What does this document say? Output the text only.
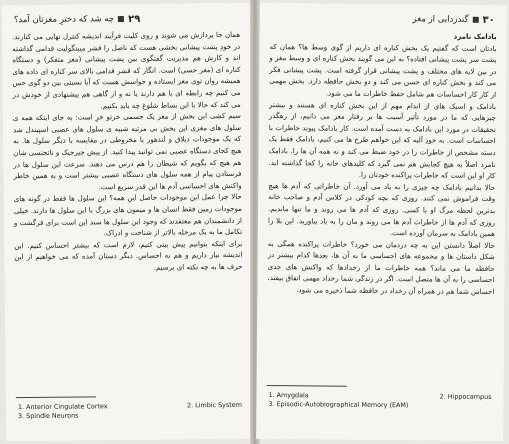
۲۹
چه شد که دخترِ مغزتان آمد؟

همان جا پردازش می شوند و روی کلیت فرآیند اندیشه کنترل نهایی می کنارند. در خودِ پشت پیشانی بخشی هست که ناصل را قشر میینگولیت قدامی گذاشته اند و کارش هم مدیریت گفتگوی بین پشت پیشانی (مغز متفکر) و دستگاه کناره ای (مغز حسی) است. انگار که قشر قدامی بالای سر کناره ای داده های همیشه روان توی مغز ایستاده و حواسش هست که آیا نسبتی بین دو گوی حس می کنیم چه رابطه ای با هم دارند یا نه و از گاهی هم پیشنهادی از خودش در می کند که حالا با این بساط شلوغ چه باید بکنیم.

سیم کشی این بخش از مغز یک جسمی خرتو خرِ است: به جای اینکه همه ی سلول های مغزی این بخش بی مرتیه شبیه ی سلول های عصبی اسپیندل شد که یک موجودات دیلاق و لندهور با مخروطی در مقایسه با دیگر سلول ها. به هیچ کجای دستگاه عصبی نمی توانید پیدا کنید. از پیش جیرجیک و ناتجنسی شان هم هیچ که بگویم که شیطان را هم درس می دهند. سرعت این سلول ها در فرستادن پیام از همه سلول های دستگاه عصبی بیشتر است و به همین خاطر واکنش های احساسی آدم ها این قدر سریع است.

حالا چرا عمل این موجودات حاصل این همه؟ این سلول ها فقط در گونه های موجودات زمین فقط انسان ها و میمون های بزرگ با این سلول ها دارند. خیلی از دانشمندان هم معتقدند که وجود این سلول ها سند این است برای فرگشت و تکامل ما به یک مرحله بالاتر از شناخت و ادراک.

برای اینکه بتوانیم پیش بینی کنیم، لازم است که بیشتر احساس کنیم. این اندیشه نیاز داریم و هم به احساس. دیگر دستان آمده که می خواهیم از این حرف ها به چه نکته ای برسیم.

1. Anterior Cingulate Cortex	2. Limbic System
3. Spindle Neurons
۳۰
گندزدایی از مغز

بادامک نامرد

یادتان است که گفتیم یک بخش کناره ای داریم از گوی وسط ها؟ همان که پشت سر پشت پیشانی افتاده؟ به این می گویند بخش کناره ای و وسط مغز و در بین لایه های مختلف و پشت پیشانی قرار گرفته است. پشت پیشانی فکر می کند و بخش کناره ای حسن می کند و دو بخش حافظه دارد. بخش مهمی از کار کار احساسات هم شامل حفظ خاطرات ما می شود.

بادامک و اسبک های از اندام مهم از این بخش کناره ای هستند و بیشتر چیزهایی که ما در مورد تأثیر آسیب ها بر رفتار مغز می دانیم، از رهگذر تحقیقات در مورد این بادامک به دست آمده است. کار بادامک پیوند خاطرات با احساسات است. به خودِ آلبه که این خواهم طرح ها می کنیم، بادامک فقط یک دسته مشخص از خاطرات را در خود ضبط می کند و نه همه آن ها را. بادامک نامرد اصلاً به هیچ کجایش هم نمی گیرد که کلیدهای خانه را کجا گذاشته اید. کار او این است که خاطرات پراکنده خودتان را.

حالا بدانیم بادامک چه چیزی را به یاد می آورد. آن خاطراتی که آدم ها هیچ وقت فراموش نمی کنند. روزی که بچه کودکی در کلاس آدم و صاحب خانه بدترین لحظه مرگ او با کسی. روزی که آدم ها می روند و ما تنها ماندیم. روزی که آدم ها از خاطرات آدم ها می روند و مان را به یاد بیاورید. این بلا را همین بادامک به سرمان آورده است.

حالا اصلاً دانستن این به چه دردمان می خورد؟ خاطرات پراکنده همگی به شکل داستان ها و مجموعه های احساسی ما به آن ها، بعدها کدام بیشتر در حافظه ما می ماند؟ همه خاطرات ما از رخدادها که واکنش های جدی احساسی را به آن ها متصل است. اگر در زندگی شما رخداد مهمی اتفاق بیفتد، احساس شما هم در همراه آن رخداد در حافظه شما ذخیره می شود.

1. Amygdala	2. Hippocampus
3. Episodic-Autobiographical Memory (EAM)
